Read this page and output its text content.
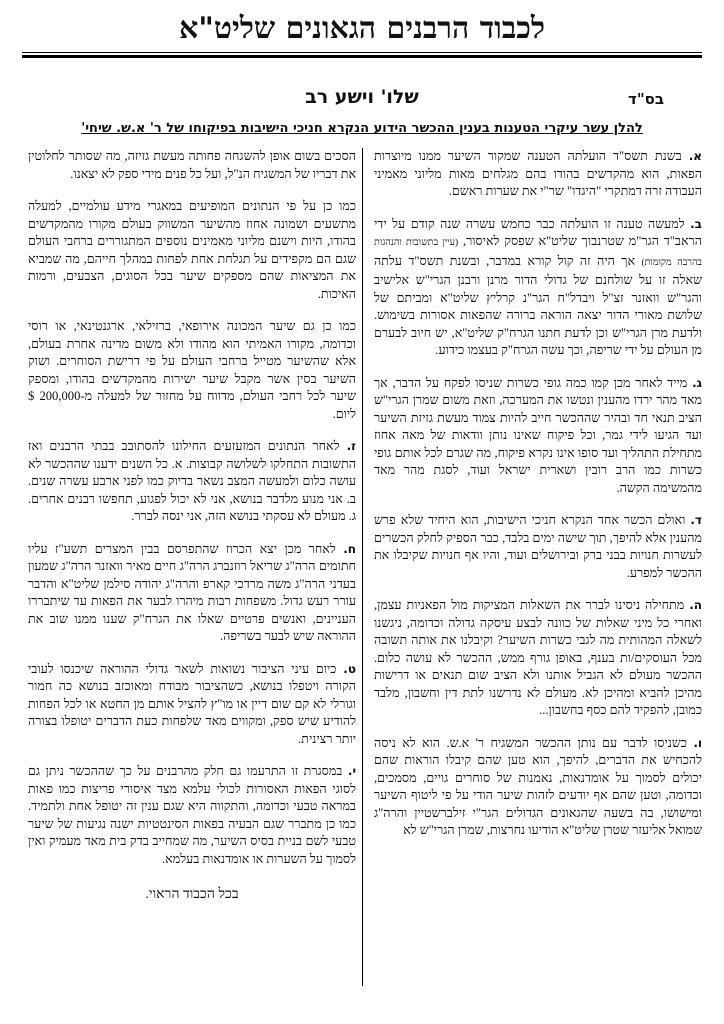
לכבוד הרבנים הגאונים שליט"א
בס"ד
שלו' וישע רב
להלן עשר עיקרי הטענות בענין ההכשר הידוע הנקרא חניכי הישיבות בפיקוחו של ר' א.ש. שיחי'

א. בשנת תשס"ד הועלתה הטענה שמקור השיער ממנו מיוצרות הפאות, הוא מהקדשים בהודו בהם מגלחים מאות מליוני מאמיני העבודה זרה דמתקרי "היגדו" שר"י את שערות ראשם.

ב. למעשה טענה זו הועלתה כבר כחמש עשרה שנה קודם על ידי הראב"ד הגר"מ שטרנבוך שליט"א שפסק לאיסור, (עיין בתשובות והנהגות בהרבה מקומות) אך היה זה קול קורא במדבר, ובשנת תשס"ד עלתה שאלה זו על שולחנם של גדולי הדור מרנן ורבנן הגרי"ש אלישיב והגר"ש וואזנר זצ"ל ויבדל"ח הגר"נ קרליץ שליט"א ומביתם של שלושת מאורי הדור יצאה הוראה ברורה שהפאות אסורות בשימוש. ולדעת מרן הגרי"ש וכן לדעת חתנו הגרח"ק שליט"א, יש חיוב לבערם מן העולם על ידי שריפה, וכך עשה הגרח"ק בעצמו כידוע.

ג. מייד לאחר מכן קמו כמה גופי כשרות שניסו לפקח על הדבר, אך מאד מהר ירדו מהענין ונטשו את המערכה, וזאת משום שמרן הגרי"ש הציב תנאי חד ובהיר שההכשר חייב להיות צמוד מעשת גזיזת השיער ועד הגיעו לידי גמר, וכל פיקוח שאינו נותן וודאות של מאה אחוז מתחילת התהליך ועד סופו אינו נקרא פיקוח, מה שגרם לכל אותם גופי כשרות כמו הרב רובין ושארית ישראל ועוד, לסגת מהר מאד מהמשימה הקשה.

ד. ואולם הכשר אחד הנקרא חניכי הישיבות, הוא היחיד שלא פרש מהענין אלא להיפך, תוך שישה ימים בלבד, כבר הספיק לחלק הכשרים לעשרות חנויות בבני ברק ובירושלים ועוד, והיו אף חנויות שקיבלו את ההכשר למפרע.

ה. מתחילה ניסינו לברר את השאלות המציקות מול הפאניות עצמן, ואחרי כל מיני שאלות של כוונה לבצע עיסקה גדולה וכדומה, ניגשנו לשאלה המהותית מה לגבי כשרות השיער? וקיבלנו את אותה תשובה מכל העוסקים/ות בענף, באופן גורף ממש, ההכשר לא עושה כלום. ההכשר מעולם לא הגביל אותנו ולא הציב שום תנאים או דרישות מהיכן להביא ומהיכן לא. מעולם לא נדרשנו לתת דין וחשבון, מלבד כמובן, להפקיד להם כסף בחשבון...

ו. כשניסו לדבר עם נותן ההכשר המשגיח ר' א.ש. הוא לא ניסה להכחיש את הדברים, להיפך, הוא טען שהם קיבלו הוראות שהם יכולים לסמוך על אומדנאות, נאמנות של סוחרים גויים, מסמכים, וכדומה, וטען שהם אף יודעים לזהות שיער הודי על פי ליטוף השיער ומישושו, בה בשעה שהגאונים הגדולים הגר"י זילברשטיין והרה"ג שמואל אליעזר שטרן שליט"א הודיעו נחרצות, שמרן הגרי"ש לא

הסכים בשום אופן להשגחה פחותה מעשת גזיזה, מה שסותר לחלוטין את דבריו של המשגיח הנ"ל, ועל כל פנים מידי ספק לא יצאנו.

כמו כן על פי הנתונים המופיעים במאגרי מידע עולמיים, למעלה מתשעים ושמונה אחוז מהשיער המשווק בעולם מקורו מהמקדשים בהודו, היות וישנם מליוני מאמינים נוספים המתגוררים ברחבי העולם שגם הם מקפידים על תגלחת אחת לפחות במהלך חייהם, מה שמביא את המציאות שהם מספקים שיער בכל הסוגים, הצבעים, ורמות האיכות.

כמו כן גם שיער המכונה אירופאי, ברזילאי, ארגנטינאי, או רוסי וכדומה, מקורו האמיתי הוא מהודו ולא משום מדינה אחרת בעולם, אלא שהשיער מטייל ברחבי העולם על פי דרישת הסוחרים. ושוק השיער בסין אשר מקבל שיער ישירות מהמקדשים בהודו, ומספק שיער לכל רחבי העולם, מדווח על מחזור של למעלה מ-200,000 $ ליום.

ז. לאחר הנתונים המזעזעים החילונו להסתובב בבתי הרבנים ואז התשובות התחלקו לשלושה קבוצות. א. כל השנים ידענו שההכשר לא עושה כלום ולמעשה המצב נשאר בדיוק כמו לפני ארבע עשרה שנים. ב. אני מנוע מלדבר בנושא, אני לא יכול לפגוע, תחפשו רבנים אחרים. ג. מעולם לא עסקתי בנושא הזה, אני ינסה לברר.

ח. לאחר מכן יצא הכרוז שהתפרסם בבין המצרים תשע"ז עליו חתומים הרה"ג שריאל רוזנברג הרה"ג חיים מאיר וואזנר הרה"ג שמעון בעדני הרה"ג משה מרדכי קארפ והרה"ג יהודה סילמן שליט"א והדבר עורר רעש גדול. משפחות רבות מיהרו לבער את הפאות עד שיתבררו העניינים, ואנשים פרטיים שאלו את הגרח"ק שענו ממנו שוב את ההוראה שיש לבער בשריפה.

ט. כיום עיני הציבור נשואות לשאר גדולי ההוראה שיכנסו לעובי הקורה ויטפלו בנושא, כשהציבור מבודח ומאוכזב בנושא כה חמור וגורלי לא קם שום דיין או מו"ץ להציל אותם מן החטא או לכל הפחות להודיע שיש ספק, ומקווים מאד שלפחות כעת הדברים יטופלו בצורה יותר רצינית.

י. במסגרת זו התרעמו גם חלק מהרבנים על כך שההכשר ניתן גם לסוגי הפאות האסורות לכולי עלמא מצד איסורי פריצות כמו פאות במראה טבעי וכדומה, והתקווה היא שגם ענין זה יטופל אחת ולתמיד. כמו כן מתברר שגם הבעיה בפאות הסינטטיות ישנה נגיעות של שיער טבעי לשם בניית בסיס השיער, מה שמחייב בדק בית מאד מעמיק ואין לסמוך על השערות או אומדנאות בעלמא.

בכל הכבוד הראוי.
